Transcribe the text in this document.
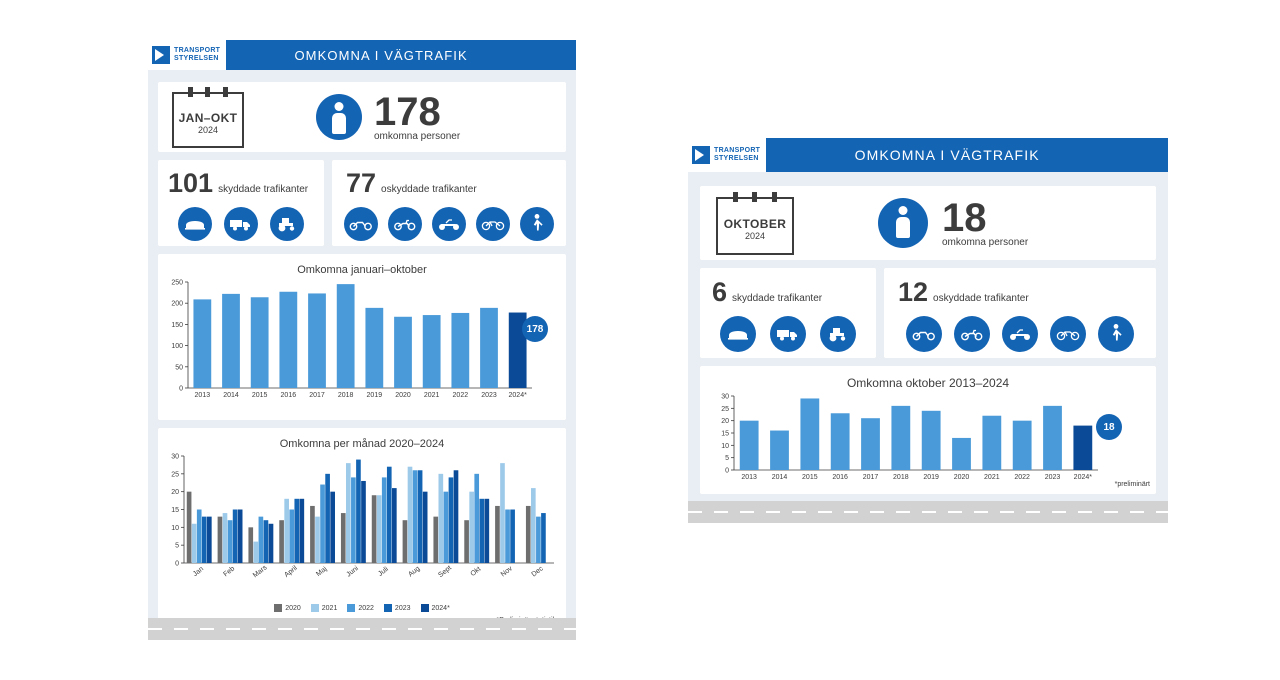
TRANSPORT
STYRELSEN	OMKOMNA I VÄGTRAFIK
JAN–OKT
2024	178
omkomna personer
101 skyddade trafikanter 77 oskyddade trafikanter
Omkomna januari–oktober
0
50
100
150
200
250
2013 2014 2015 2016 2017 2018 2019 2020 2021 2022 2023 2024*
178
Omkomna per månad 2020–2024
0
5
10
15
20
25
30
Jan Feb Mars April Maj Juni Juli Aug Sept Okt Nov Dec
2020	2021	2022	2023	2024*
TRANSPORT
STYRELSEN	OMKOMNA I VÄGTRAFIK
OKTOBER
2024	18
omkomna personer
6 skyddade trafikanter	12 oskyddade trafikanter
Omkomna oktober 2013–2024
0
5
10
15
20
25
30
2013 2014 2015 2016 2017 2018 2019 2020 2021 2022 2023 2024*
18
*preliminärt
